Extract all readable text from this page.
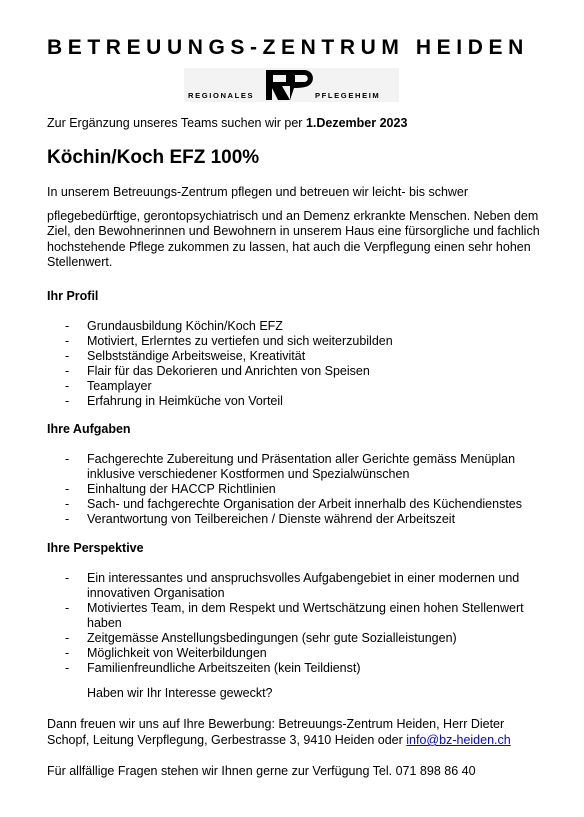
BETREUUNGS-ZENTRUM HEIDEN
REGIONALES	PFLEGEHEIM
Zur Ergänzung unseres Teams suchen wir per 1.Dezember 2023
Köchin/Koch EFZ 100%
In unserem Betreuungs-Zentrum pflegen und betreuen wir leicht- bis schwer
pflegebedürftige, gerontopsychiatrisch und an Demenz erkrankte Menschen. Neben dem Ziel, den Bewohnerinnen und Bewohnern in unserem Haus eine fürsorgliche und fachlich hochstehende Pflege zukommen zu lassen, hat auch die Verpflegung einen sehr hohen Stellenwert.
Ihr Profil
- Grundausbildung Köchin/Koch EFZ
- Motiviert, Erlerntes zu vertiefen und sich weiterzubilden
- Selbstständige Arbeitsweise, Kreativität
- Flair für das Dekorieren und Anrichten von Speisen
- Teamplayer
- Erfahrung in Heimküche von Vorteil
Ihre Aufgaben
- Fachgerechte Zubereitung und Präsentation aller Gerichte gemäss Menüplan inklusive verschiedener Kostformen und Spezialwünschen
- Einhaltung der HACCP Richtlinien
- Sach- und fachgerechte Organisation der Arbeit innerhalb des Küchendienstes
- Verantwortung von Teilbereichen / Dienste während der Arbeitszeit
Ihre Perspektive
- Ein interessantes und anspruchsvolles Aufgabengebiet in einer modernen und innovativen Organisation
- Motiviertes Team, in dem Respekt und Wertschätzung einen hohen Stellenwert haben
- Zeitgemässe Anstellungsbedingungen (sehr gute Sozialleistungen)
- Möglichkeit von Weiterbildungen
- Familienfreundliche Arbeitszeiten (kein Teildienst)
Haben wir Ihr Interesse geweckt?
Dann freuen wir uns auf Ihre Bewerbung: Betreuungs-Zentrum Heiden, Herr Dieter Schopf, Leitung Verpflegung, Gerbestrasse 3, 9410 Heiden oder info@bz-heiden.ch
Für allfällige Fragen stehen wir Ihnen gerne zur Verfügung Tel. 071 898 86 40
